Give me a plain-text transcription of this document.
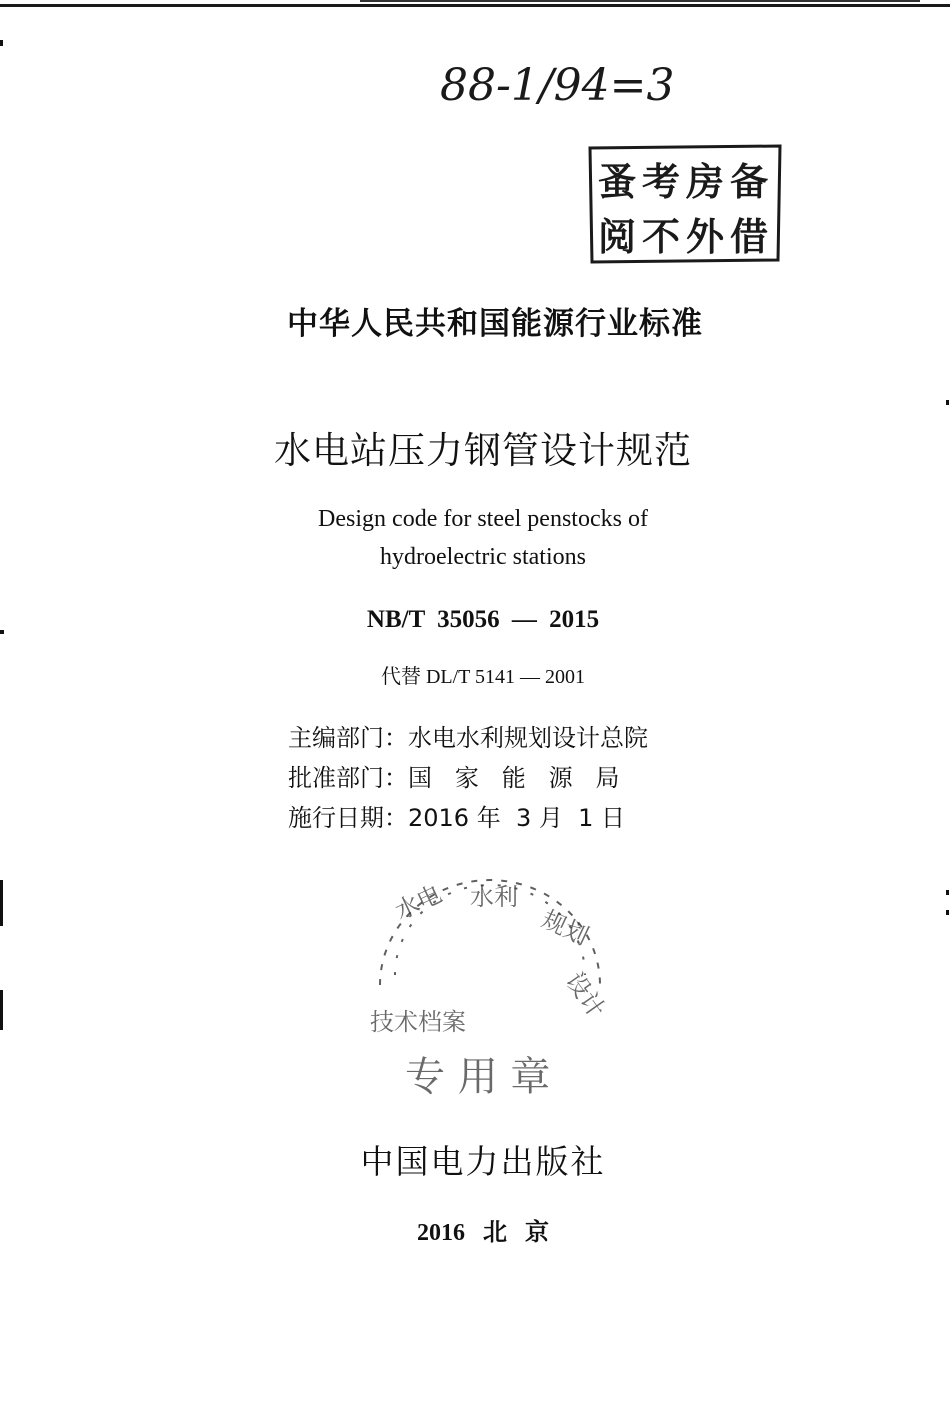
88-1/94=3
蚤 考 房 备
阅 不 外 借
中华人民共和国能源行业标准
水电站压力钢管设计规范
Design code for steel penstocks of
hydroelectric stations
NB/T 35056 — 2015
代替 DL/T 5141 — 2001
主编部门：水电水利规划设计总院
批准部门：国   家   能   源   局
施行日期：2016 年  3 月  1 日
水电 水利
规划
设计
技术档案
专 用 章
中国电力出版社
2016 北 京
